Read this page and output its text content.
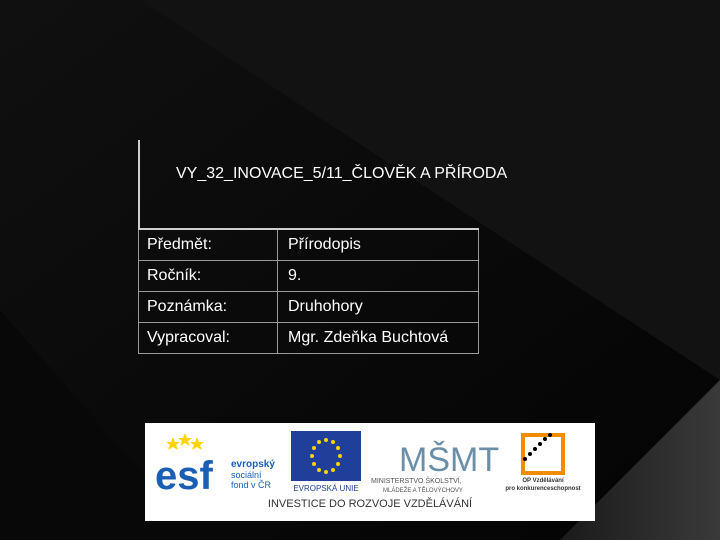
VY_32_INOVACE_5/11_ČLOVĚK A PŘÍRODA
Předmět:	Přírodopis
Ročník:	9.
Poznámka:	Druhohory
Vypracoval:	Mgr. Zdeňka Buchtová
esf evropský
sociální
fond v ČR	EVROPSKÁ UNIE
MŠMT
MINISTERSTVO ŠKOLSTVÍ,
MLÁDEŽE A TĚLOVÝCHOVY
OP Vzdělávání
pro konkurenceschopnost
INVESTICE DO ROZVOJE VZDĚLÁVÁNÍ
